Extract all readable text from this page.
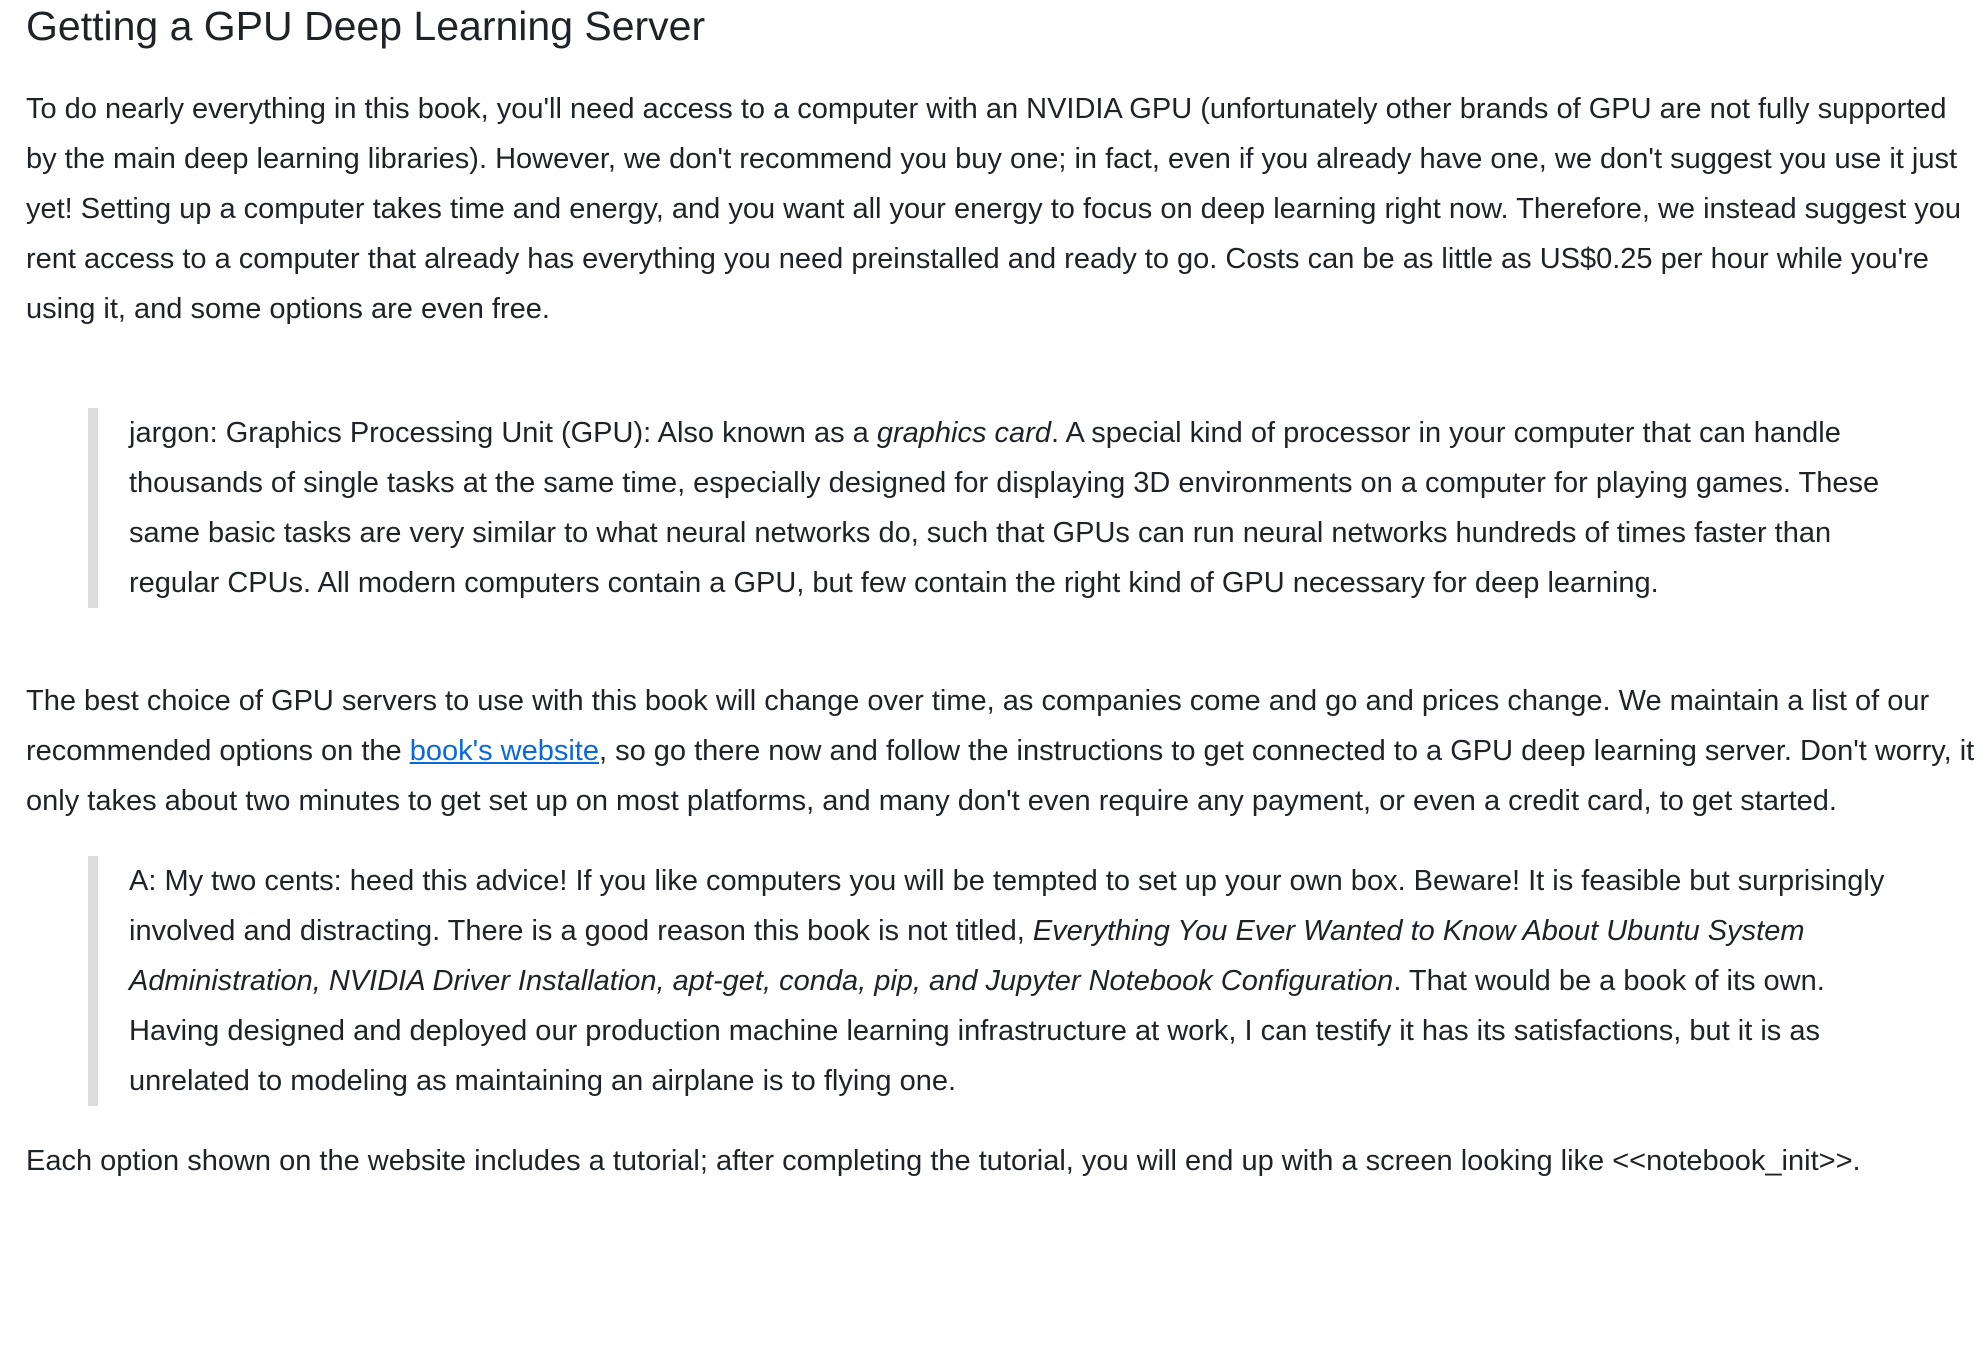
Getting a GPU Deep Learning Server

To do nearly everything in this book, you'll need access to a computer with an NVIDIA GPU (unfortunately other brands of GPU are not fully supported by the main deep learning libraries). However, we don't recommend you buy one; in fact, even if you already have one, we don't suggest you use it just yet! Setting up a computer takes time and energy, and you want all your energy to focus on deep learning right now. Therefore, we instead suggest you rent access to a computer that already has everything you need preinstalled and ready to go. Costs can be as little as US$0.25 per hour while you're using it, and some options are even free.

jargon: Graphics Processing Unit (GPU): Also known as a graphics card. A special kind of processor in your computer that can handle thousands of single tasks at the same time, especially designed for displaying 3D environments on a computer for playing games. These same basic tasks are very similar to what neural networks do, such that GPUs can run neural networks hundreds of times faster than regular CPUs. All modern computers contain a GPU, but few contain the right kind of GPU necessary for deep learning.

The best choice of GPU servers to use with this book will change over time, as companies come and go and prices change. We maintain a list of our recommended options on the book's website, so go there now and follow the instructions to get connected to a GPU deep learning server. Don't worry, it only takes about two minutes to get set up on most platforms, and many don't even require any payment, or even a credit card, to get started.

A: My two cents: heed this advice! If you like computers you will be tempted to set up your own box. Beware! It is feasible but surprisingly involved and distracting. There is a good reason this book is not titled, Everything You Ever Wanted to Know About Ubuntu System Administration, NVIDIA Driver Installation, apt-get, conda, pip, and Jupyter Notebook Configuration. That would be a book of its own. Having designed and deployed our production machine learning infrastructure at work, I can testify it has its satisfactions, but it is as unrelated to modeling as maintaining an airplane is to flying one.

Each option shown on the website includes a tutorial; after completing the tutorial, you will end up with a screen looking like <<notebook_init>>.
